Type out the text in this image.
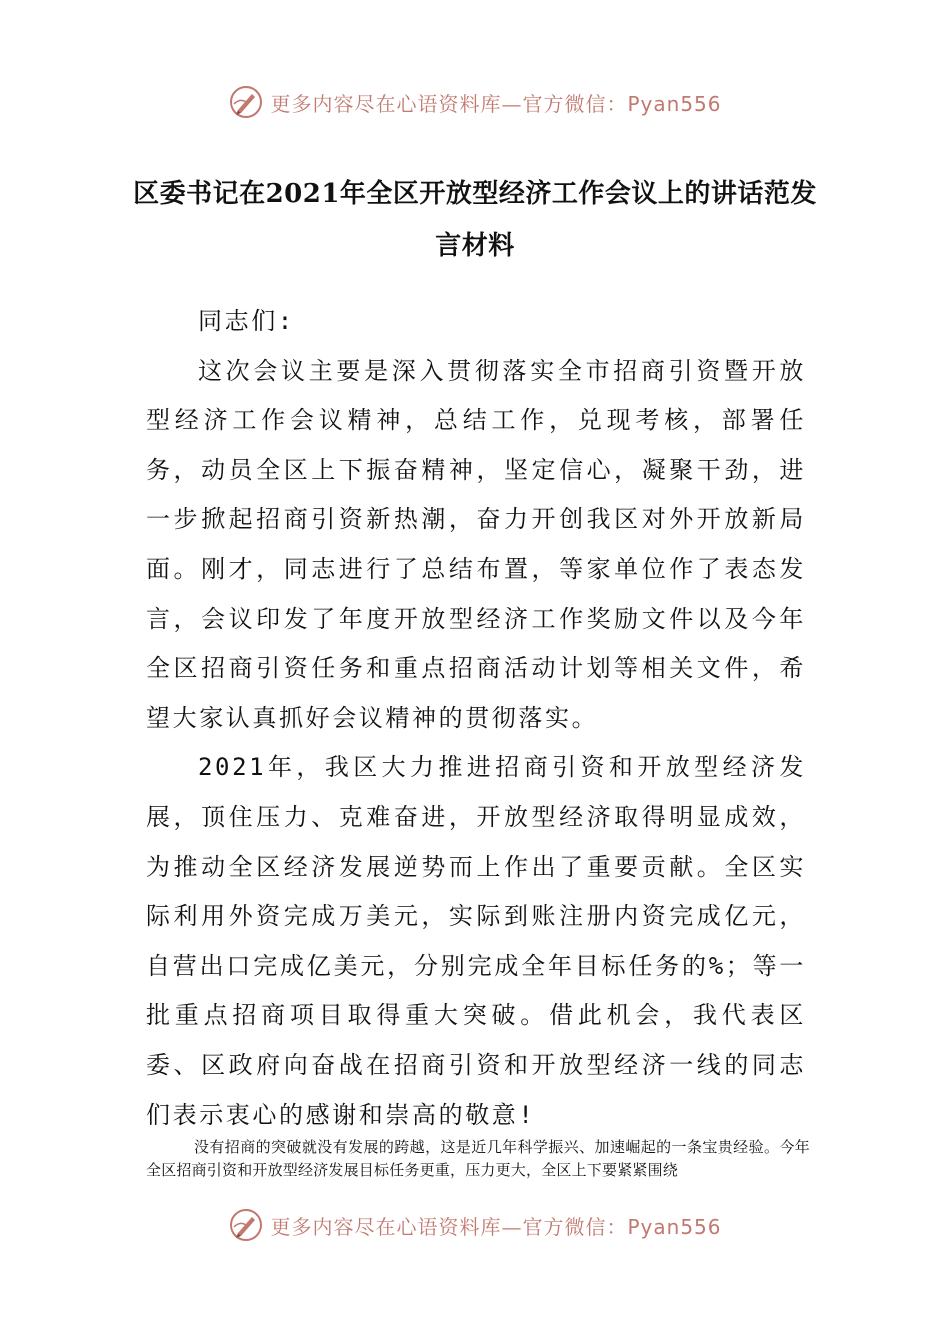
更多内容尽在心语资料库—官方微信：Pyan556
区委书记在2021年全区开放型经济工作会议上的讲话范发言材料

同志们:

这次会议主要是深入贯彻落实全市招商引资暨开放型经济工作会议精神，总结工作，兑现考核，部署任务，动员全区上下振奋精神，坚定信心，凝聚干劲，进一步掀起招商引资新热潮，奋力开创我区对外开放新局面。刚才，同志进行了总结布置，等家单位作了表态发言，会议印发了年度开放型经济工作奖励文件以及今年全区招商引资任务和重点招商活动计划等相关文件，希望大家认真抓好会议精神的贯彻落实。

2021年，我区大力推进招商引资和开放型经济发展，顶住压力、克难奋进，开放型经济取得明显成效，为推动全区经济发展逆势而上作出了重要贡献。全区实际利用外资完成万美元，实际到账注册内资完成亿元，自营出口完成亿美元，分别完成全年目标任务的%；等一批重点招商项目取得重大突破。借此机会，我代表区委、区政府向奋战在招商引资和开放型经济一线的同志们表示衷心的感谢和崇高的敬意!

没有招商的突破就没有发展的跨越，这是近几年科学振兴、加速崛起的一条宝贵经验。今年全区招商引资和开放型经济发展目标任务更重，压力更大，全区上下要紧紧围绕

更多内容尽在心语资料库—官方微信：Pyan556
